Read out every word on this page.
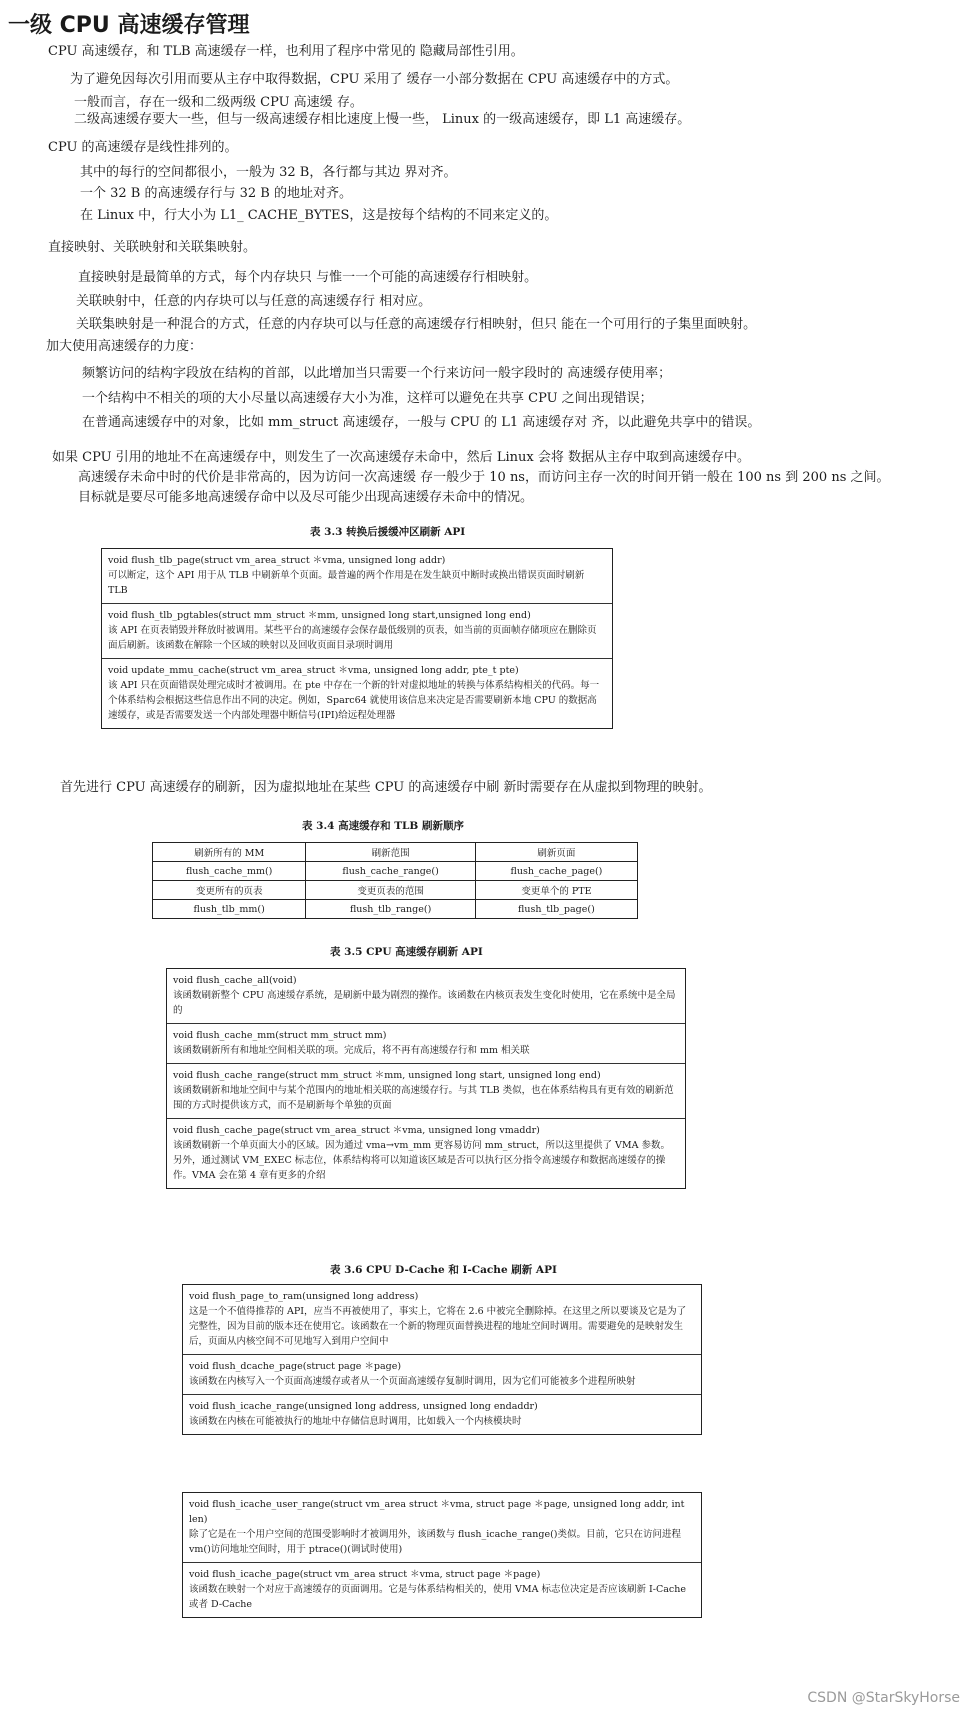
一级 CPU 高速缓存管理
CPU 高速缓存，和 TLB 高速缓存一样，也利用了程序中常见的 隐藏局部性引用。
为了避免因每次引用而要从主存中取得数据，CPU 采用了 缓存一小部分数据在 CPU 高速缓存中的方式。
一般而言，存在一级和二级两级 CPU 高速缓 存。
二级高速缓存要大一些，但与一级高速缓存相比速度上慢一些， Linux 的一级高速缓存，即 L1 高速缓存。
CPU 的高速缓存是线性排列的。
其中的每行的空间都很小，一般为 32 B，各行都与其边 界对齐。
一个 32 B 的高速缓存行与 32 B 的地址对齐。
在 Linux 中，行大小为 L1_ CACHE_BYTES，这是按每个结构的不同来定义的。
直接映射、关联映射和关联集映射。
直接映射是最简单的方式，每个内存块只 与惟一一个可能的高速缓存行相映射。
关联映射中，任意的内存块可以与任意的高速缓存行 相对应。
关联集映射是一种混合的方式，任意的内存块可以与任意的高速缓存行相映射，但只 能在一个可用行的子集里面映射。
加大使用高速缓存的力度：
频繁访问的结构字段放在结构的首部，以此增加当只需要一个行来访问一般字段时的 高速缓存使用率；
一个结构中不相关的项的大小尽量以高速缓存大小为准，这样可以避免在共享 CPU 之间出现错误；
在普通高速缓存中的对象，比如 mm_struct 高速缓存，一般与 CPU 的 L1 高速缓存对 齐，以此避免共享中的错误。
如果 CPU 引用的地址不在高速缓存中，则发生了一次高速缓存未命中，然后 Linux 会将 数据从主存中取到高速缓存中。
高速缓存未命中时的代价是非常高的，因为访问一次高速缓 存一般少于 10 ns，而访问主存一次的时间开销一般在 100 ns 到 200 ns 之间。
目标就是要尽可能多地高速缓存命中以及尽可能少出现高速缓存未命中的情况。
表 3.3 转换后援缓冲区刷新 API
void flush_tlb_page(struct vm_area_struct ＊vma, unsigned long addr)
可以断定，这个 API 用于从 TLB 中刷新单个页面。最普遍的两个作用是在发生缺页中断时或换出错误页面时刷新 TLB
void flush_tlb_pgtables(struct mm_struct ＊mm, unsigned long start,unsigned long end)
该 API 在页表销毁并释放时被调用。某些平台的高速缓存会保存最低级别的页表，如当前的页面帧存储项应在删除页面后刷新。该函数在解除一个区域的映射以及回收页面目录项时调用
void update_mmu_cache(struct vm_area_struct ＊vma, unsigned long addr, pte_t pte)
该 API 只在页面错误处理完成时才被调用。在 pte 中存在一个新的针对虚拟地址的转换与体系结构相关的代码。每一个体系结构会根据这些信息作出不同的决定。例如，Sparc64 就使用该信息来决定是否需要刷新本地 CPU 的数据高速缓存，或是否需要发送一个内部处理器中断信号(IPI)给远程处理器
首先进行 CPU 高速缓存的刷新，因为虚拟地址在某些 CPU 的高速缓存中刷 新时需要存在从虚拟到物理的映射。
表 3.4 高速缓存和 TLB 刷新顺序
刷新所有的 MM	刷新范围	刷新页面
flush_cache_mm()	flush_cache_range()	flush_cache_page()
变更所有的页表	变更页表的范围	变更单个的 PTE
flush_tlb_mm()	flush_tlb_range()	flush_tlb_page()
表 3.5 CPU 高速缓存刷新 API
void flush_cache_all(void)
该函数刷新整个 CPU 高速缓存系统，是刷新中最为剧烈的操作。该函数在内核页表发生变化时使用，它在系统中是全局的
void flush_cache_mm(struct mm_struct mm)
该函数刷新所有和地址空间相关联的项。完成后，将不再有高速缓存行和 mm 相关联
void flush_cache_range(struct mm_struct ＊mm, unsigned long start, unsigned long end)
该函数刷新和地址空间中与某个范围内的地址相关联的高速缓存行。与其 TLB 类似，也在体系结构具有更有效的刷新范围的方式时提供该方式，而不是刷新每个单独的页面
void flush_cache_page(struct vm_area_struct ＊vma, unsigned long vmaddr)
该函数刷新一个单页面大小的区域。因为通过 vma→vm_mm 更容易访问 mm_struct，所以这里提供了 VMA 参数。另外，通过测试 VM_EXEC 标志位，体系结构将可以知道该区域是否可以执行区分指令高速缓存和数据高速缓存的操作。VMA 会在第 4 章有更多的介绍
表 3.6 CPU D-Cache 和 I-Cache 刷新 API
void flush_page_to_ram(unsigned long address)
这是一个不值得推荐的 API，应当不再被使用了，事实上，它将在 2.6 中被完全删除掉。在这里之所以要谈及它是为了完整性，因为目前的版本还在使用它。该函数在一个新的物理页面替换进程的地址空间时调用。需要避免的是映射发生后，页面从内核空间不可见地写入到用户空间中
void flush_dcache_page(struct page ＊page)
该函数在内核写入一个页面高速缓存或者从一个页面高速缓存复制时调用，因为它们可能被多个进程所映射
void flush_icache_range(unsigned long address, unsigned long endaddr)
该函数在内核在可能被执行的地址中存储信息时调用，比如载入一个内核模块时
void flush_icache_user_range(struct vm_area struct ＊vma, struct page ＊page, unsigned long addr, int len)
除了它是在一个用户空间的范围受影响时才被调用外，该函数与 flush_icache_range()类似。目前，它只在访问进程 vm()访问地址空间时，用于 ptrace()(调试时使用)
void flush_icache_page(struct vm_area struct ＊vma, struct page ＊page)
该函数在映射一个对应于高速缓存的页面调用。它是与体系结构相关的，使用 VMA 标志位决定是否应该刷新 I-Cache 或者 D-Cache
CSDN @StarSkyHorse
